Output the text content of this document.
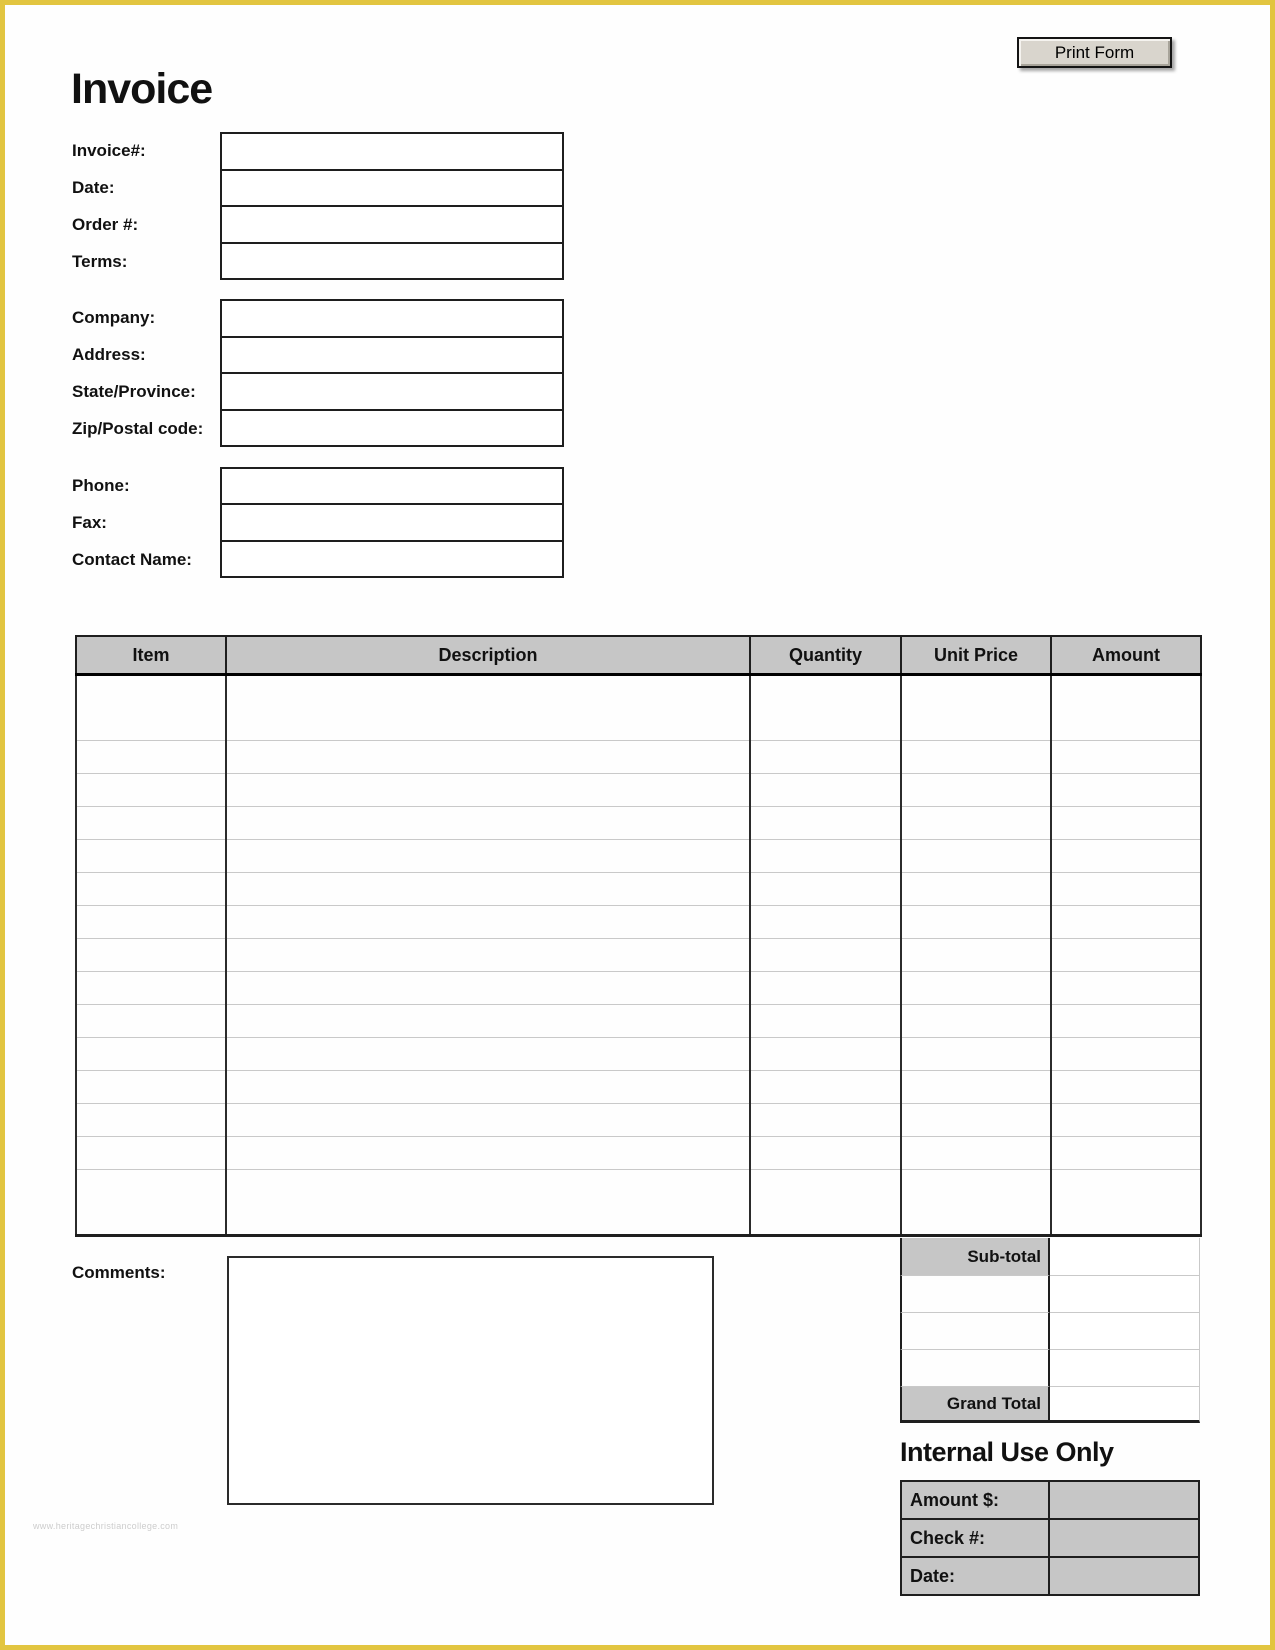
Print Form
Invoice
Invoice#:
Date:
Order #:
Terms:
Company:
Address:
State/Province:
Zip/Postal code:
Phone:
Fax:
Contact Name:
Item	Description	Quantity	Unit Price	Amount

Sub-total
Grand Total
Comments:
Internal Use Only
Amount $:
Check #:
Date:
www.heritagechristiancollege.com
